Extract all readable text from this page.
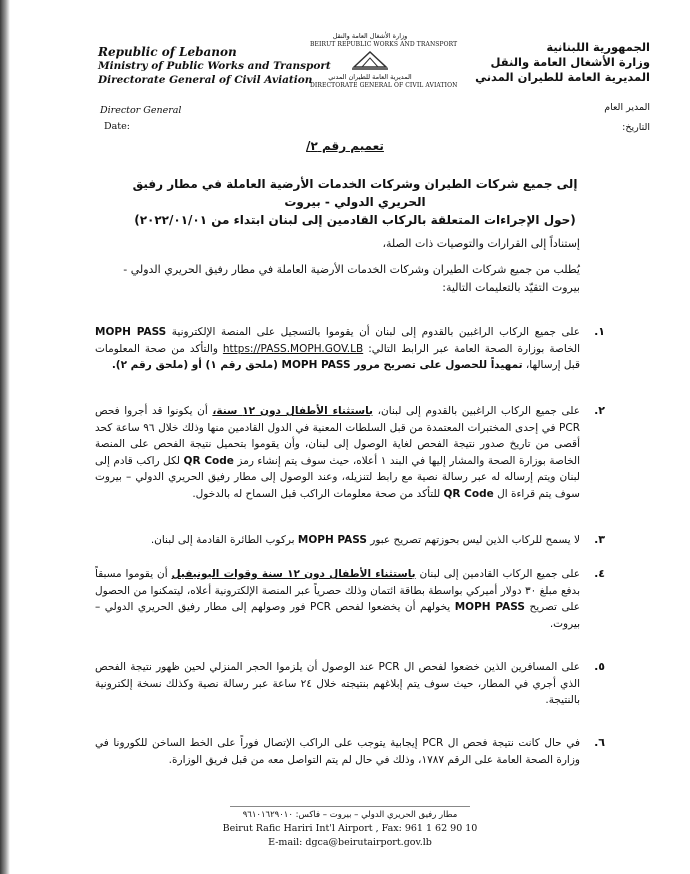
Republic of Lebanon
Ministry of Public Works and Transport
Directorate General of Civil Aviation
وزارة الأشغال العامة والنقل
BEIRUT REPUBLIC WORKS AND TRANSPORT
المديرية العامة للطيران المدني
DIRECTORATE GENERAL OF CIVIL AVIATION
الجمهورية اللبنانية
وزارة الأشغال العامة والنقل
المديرية العامة للطيران المدني
Director General
Date:
المدير العام
التاريخ:
تعميم رقم ٢/
إلى جميع شركات الطيران وشركات الخدمات الأرضية العاملة في مطار رفيق الحريري الدولي - بيروت
(حول الإجراءات المتعلقة بالركاب القادمين إلى لبنان ابتداء من ٢٠٢٢/٠١/٠١)
إستناداً إلى القرارات والتوصيات ذات الصلة،
يُطلب من جميع شركات الطيران وشركات الخدمات الأرضية العاملة في مطار رفيق الحريري الدولي - بيروت التقيّد بالتعليمات التالية:
١.
على جميع الركاب الراغبين بالقدوم إلى لبنان أن يقوموا بالتسجيل على المنصة الإلكترونية MOPH PASS الخاصة بوزارة الصحة العامة عبر الرابط التالي: https://PASS.MOPH.GOV.LB والتأكد من صحة المعلومات قبل إرسالها، تمهيداً للحصول على تصريح مرور MOPH PASS (ملحق رقم ١) أو (ملحق رقم ٢).
٢.
على جميع الركاب الراغبين بالقدوم إلى لبنان، باستثناء الأطفال دون ١٢ سنة، أن يكونوا قد أجروا فحص PCR في إحدى المختبرات المعتمدة من قبل السلطات المعنية في الدول القادمين منها وذلك خلال ٩٦ ساعة كحد أقصى من تاريخ صدور نتيجة الفحص لغاية الوصول إلى لبنان، وأن يقوموا بتحميل نتيجة الفحص على المنصة الخاصة بوزارة الصحة والمشار إليها في البند ١ أعلاه، حيث سوف يتم إنشاء رمز QR Code لكل راكب قادم إلى لبنان ويتم إرساله له عبر رسالة نصية مع رابط لتنزيله، وعند الوصول إلى مطار رفيق الحريري الدولي – بيروت سوف يتم قراءة ال QR Code للتأكد من صحة معلومات الراكب قبل السماح له بالدخول.
٣.
لا يسمح للركاب الذين ليس بحوزتهم تصريح عبور MOPH PASS بركوب الطائرة القادمة إلى لبنان.
٤.
على جميع الركاب القادمين إلى لبنان باستثناء الأطفال دون ١٢ سنة وقوات اليونيفيل أن يقوموا مسبقاً بدفع مبلغ ٣٠ دولار أميركي بواسطة بطاقة ائتمان وذلك حصرياً عبر المنصة الإلكترونية أعلاه، ليتمكنوا من الحصول على تصريح MOPH PASS يخولهم أن يخضعوا لفحص PCR فور وصولهم إلى مطار رفيق الحريري الدولي – بيروت.
٥.
على المسافرين الذين خضعوا لفحص ال PCR عند الوصول أن يلزموا الحجر المنزلي لحين ظهور نتيجة الفحص الذي أجري في المطار، حيث سوف يتم إبلاغهم بنتيجته خلال ٢٤ ساعة عبر رسالة نصية وكذلك نسخة إلكترونية بالنتيجة.
٦.
في حال كانت نتيجة فحص ال PCR إيجابية يتوجب على الراكب الإتصال فوراً على الخط الساخن للكورونا في وزارة الصحة العامة على الرقم ١٧٨٧، وذلك في حال لم يتم التواصل معه من قبل فريق الوزارة.
مطار رفيق الحريري الدولي – بيروت – فاكس: ٩٦١٠١٦٢٩٠١٠
Beirut Rafic Hariri Int'l Airport , Fax: 961 1 62 90 10
E-mail: dgca@beirutairport.gov.lb
